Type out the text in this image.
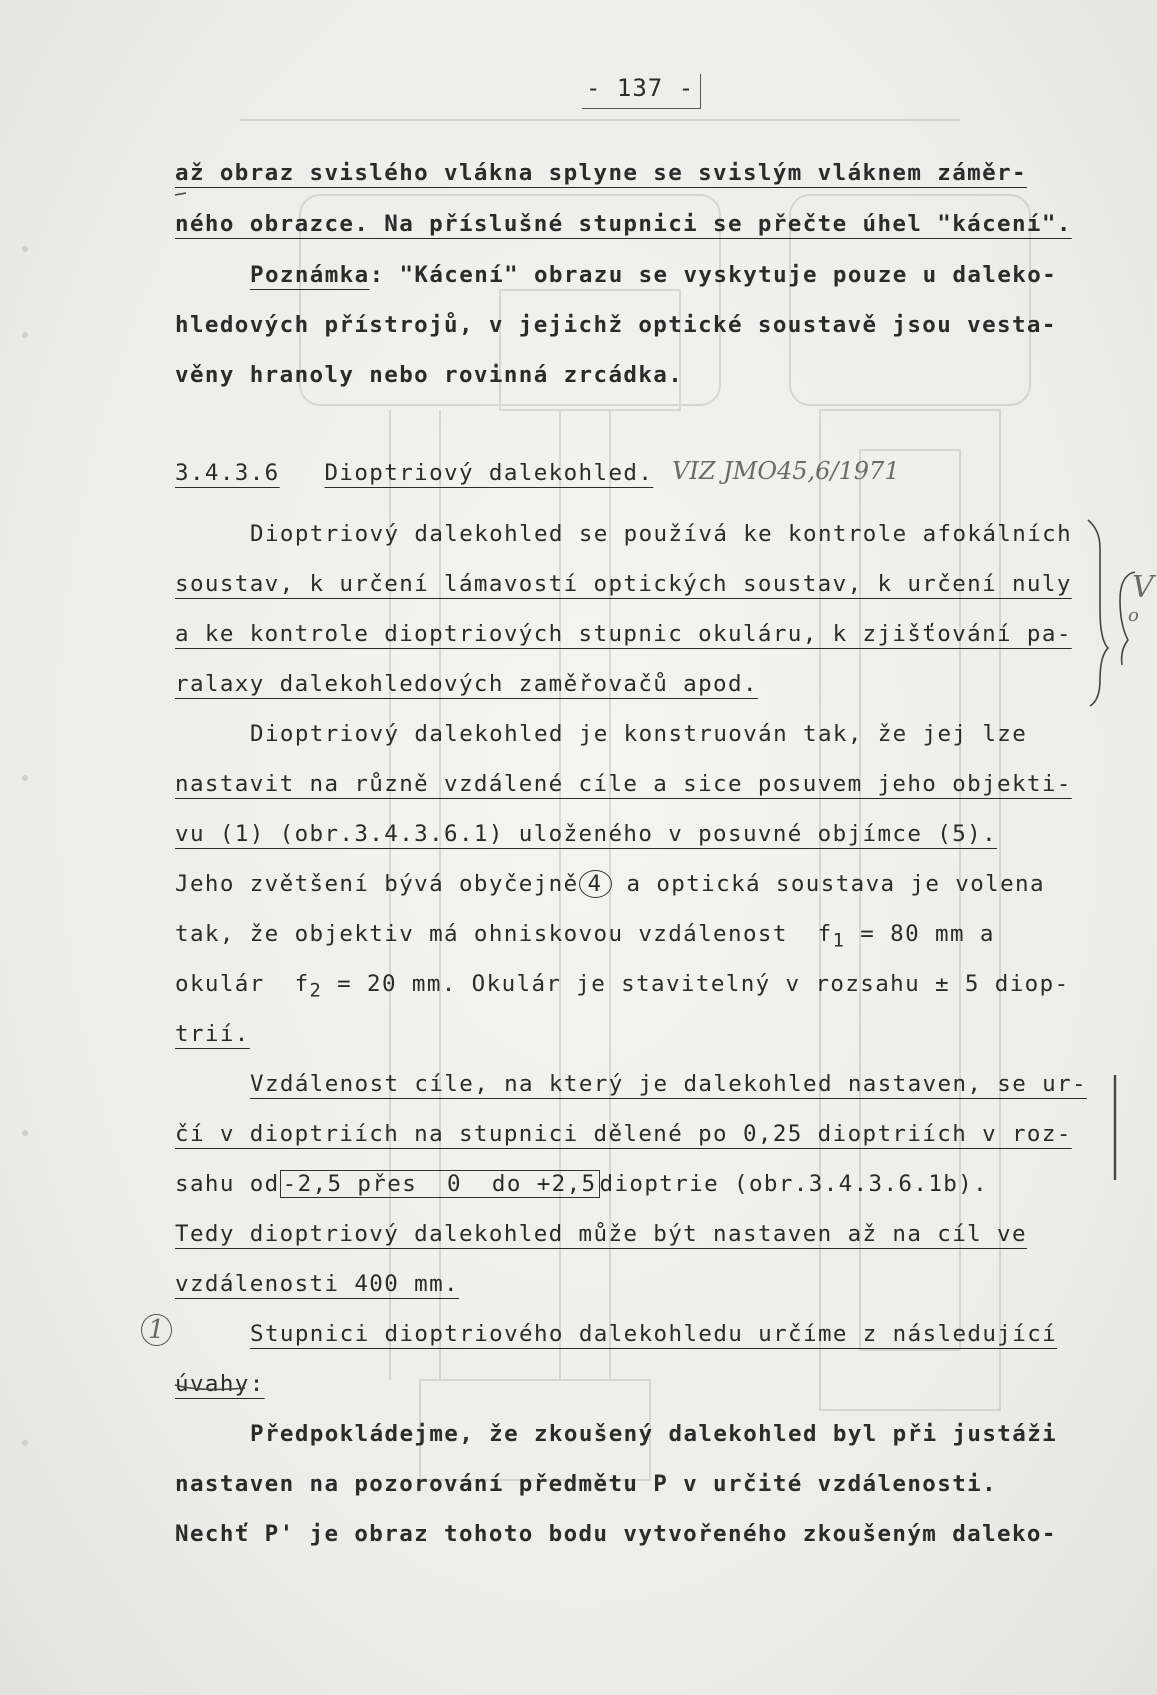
- 137 -
až obraz svislého vlákna splyne se svislým vláknem záměr-
ného obrazce. Na příslušné stupnici se přečte úhel "kácení".
Poznámka: "Kácení" obrazu se vyskytuje pouze u daleko-
hledových přístrojů, v jejichž optické soustavě jsou vesta-
věny hranoly nebo rovinná zrcádka.
3.4.3.6 Dioptriový dalekohled. VIZ JMO45,6/1971
Dioptriový dalekohled se používá ke kontrole afokálních
soustav, k určení lámavostí optických soustav, k určení nuly
a ke kontrole dioptriových stupnic okuláru, k zjišťování pa-
ralaxy dalekohledových zaměřovačů apod.
Dioptriový dalekohled je konstruován tak, že jej lze
nastavit na různě vzdálené cíle a sice posuvem jeho objekti-
vu (1) (obr.3.4.3.6.1) uloženého v posuvné objímce (5).
Jeho zvětšení bývá obyčejně 4 a optická soustava je volena
tak, že objektiv má ohniskovou vzdálenost  $f_1 = 80$ mm a
okulár  $f_2 = 20$ mm. Okulár je stavitelný v rozsahu ± 5 diop-
trií.
Vzdálenost cíle, na který je dalekohled nastaven, se ur-
čí v dioptriích na stupnici dělené po 0,25 dioptriích v roz-
sahu od -2,5 přes  0  do +2,5 dioptrie (obr.3.4.3.6.1b).
Tedy dioptriový dalekohled může být nastaven až na cíl ve
vzdálenosti 400 mm.
1	Stupnici dioptriového dalekohledu určíme z následující
úvahy:
Předpokládejme, že zkoušený dalekohled byl při justáži
nastaven na pozorování předmětu P v určité vzdálenosti.
Nechť P' je obraz tohoto bodu vytvořeného zkoušeným daleko-
V
o
